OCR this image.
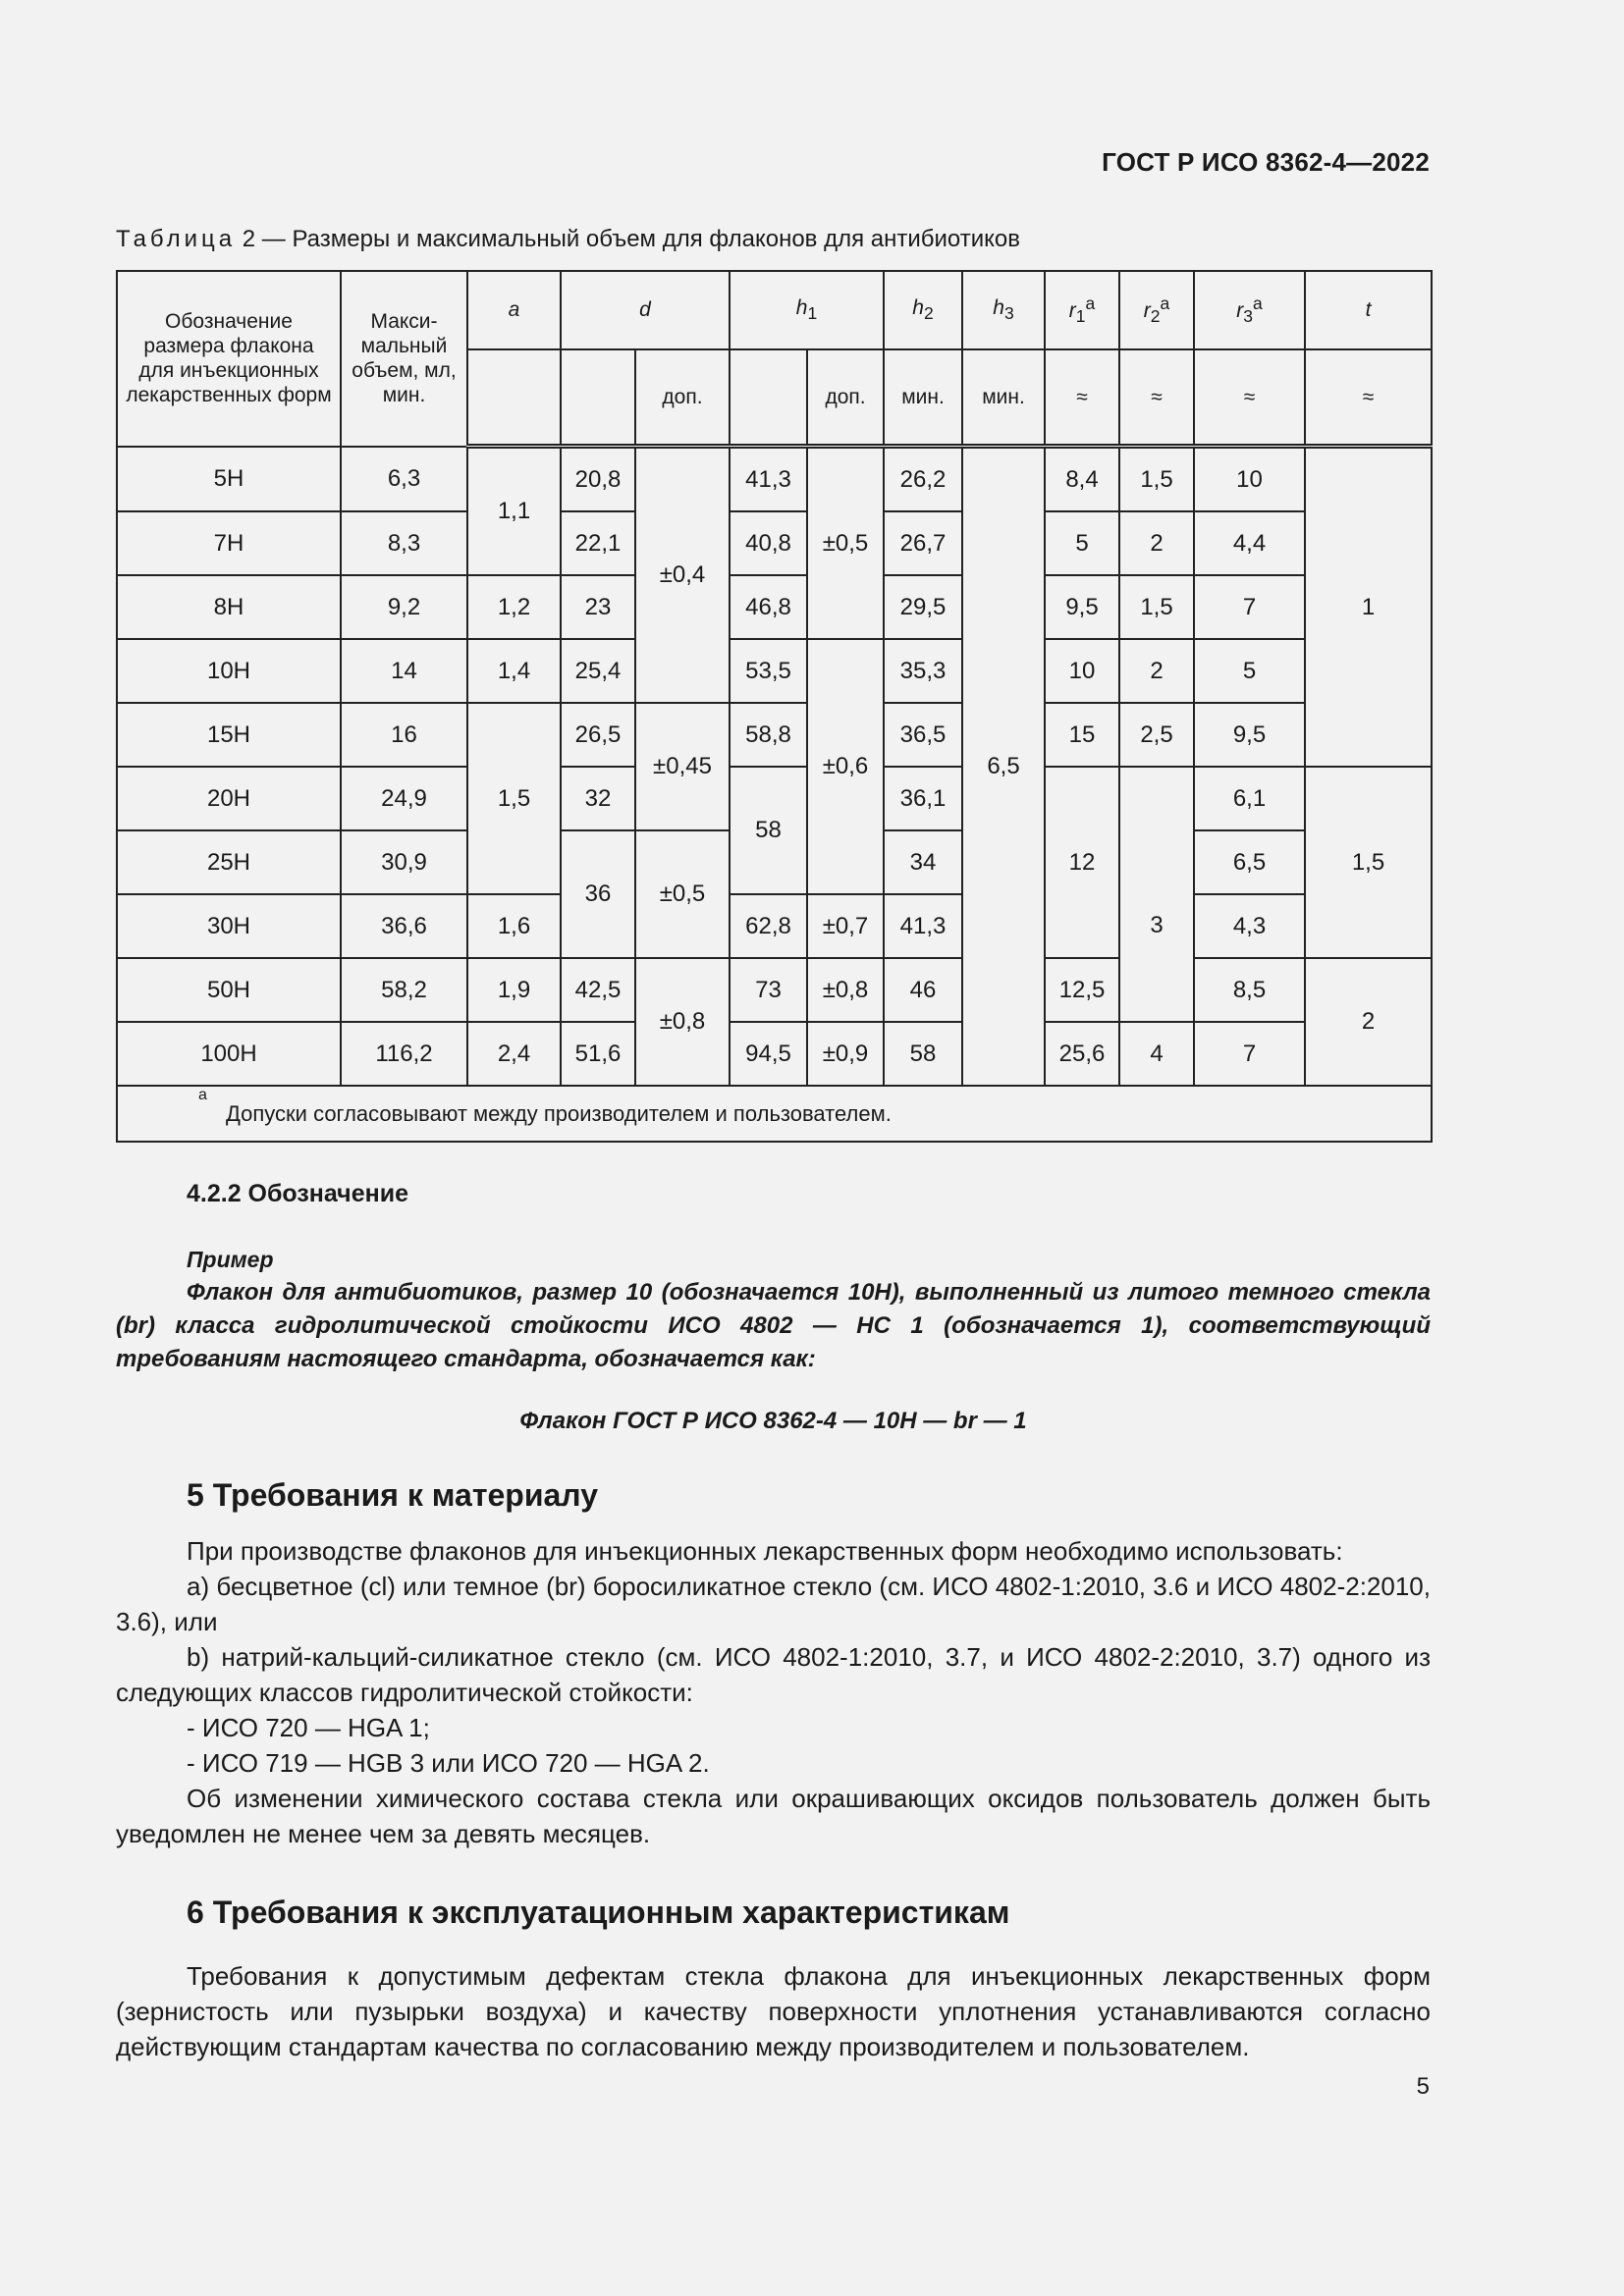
ГОСТ Р ИСО 8362-4—2022
Таблица 2 — Размеры и максимальный объем для флаконов для антибиотиков
Обозначение размера флакона для инъекционных лекарственных форм	Макси-мальный объем, мл, мин.	a	d		$h_1$		$h_2$	$h_3$	$r_1^a$	$r_2^a$	$r_3^a$	t
				доп.		доп.	мин.	мин.	≈	≈	≈	≈
5H	6,3	1,1	20,8	±0,4	41,3	±0,5	26,2	6,5	8,4	1,5	10	1
7H	8,3		22,1		40,8		26,7		5	2	4,4	
8H	9,2	1,2	23		46,8		29,5		9,5	1,5	7	
10H	14	1,4	25,4		53,5	±0,6	35,3		10	2	5	
15H	16	1,5	26,5	±0,45	58,8		36,5		15	2,5	9,5	
20H	24,9		32		58		36,1		12		6,1	1,5
25H	30,9		36	±0,5			34			3	6,5	
30H	36,6	1,6			62,8	±0,7	41,3				4,3	
50H	58,2	1,9	42,5	±0,8	73	±0,8	46		12,5		8,5	2
100H	116,2	2,4	51,6		94,5	±0,9	58		25,6	4	7	

a
Допуски согласовывают между производителем и пользователем.												
4.2.2 Обозначение
Пример
Флакон для антибиотиков, размер 10 (обозначается 10H), выполненный из литого темного стекла (br) класса гидролитической стойкости ИСО 4802 — HC 1 (обозначается 1), соответствующий требованиям настоящего стандарта, обозначается как:
Флакон ГОСТ Р ИСО 8362-4 — 10H — br — 1
5 Требования к материалу

При производстве флаконов для инъекционных лекарственных форм необходимо использовать:

a) бесцветное (cl) или темное (br) боросиликатное стекло (см. ИСО 4802-1:2010, 3.6 и ИСО 4802-2:2010, 3.6), или

b) натрий-кальций-силикатное стекло (см. ИСО 4802-1:2010, 3.7, и ИСО 4802-2:2010, 3.7) одного из следующих классов гидролитической стойкости:

- ИСО 720 — HGA 1;

- ИСО 719 — HGB 3 или ИСО 720 — HGA 2.

Об изменении химического состава стекла или окрашивающих оксидов пользователь должен быть уведомлен не менее чем за девять месяцев.

6 Требования к эксплуатационным характеристикам

Требования к допустимым дефектам стекла флакона для инъекционных лекарственных форм (зернистость или пузырьки воздуха) и качеству поверхности уплотнения устанавливаются согласно действующим стандартам качества по согласованию между производителем и пользователем.

5
